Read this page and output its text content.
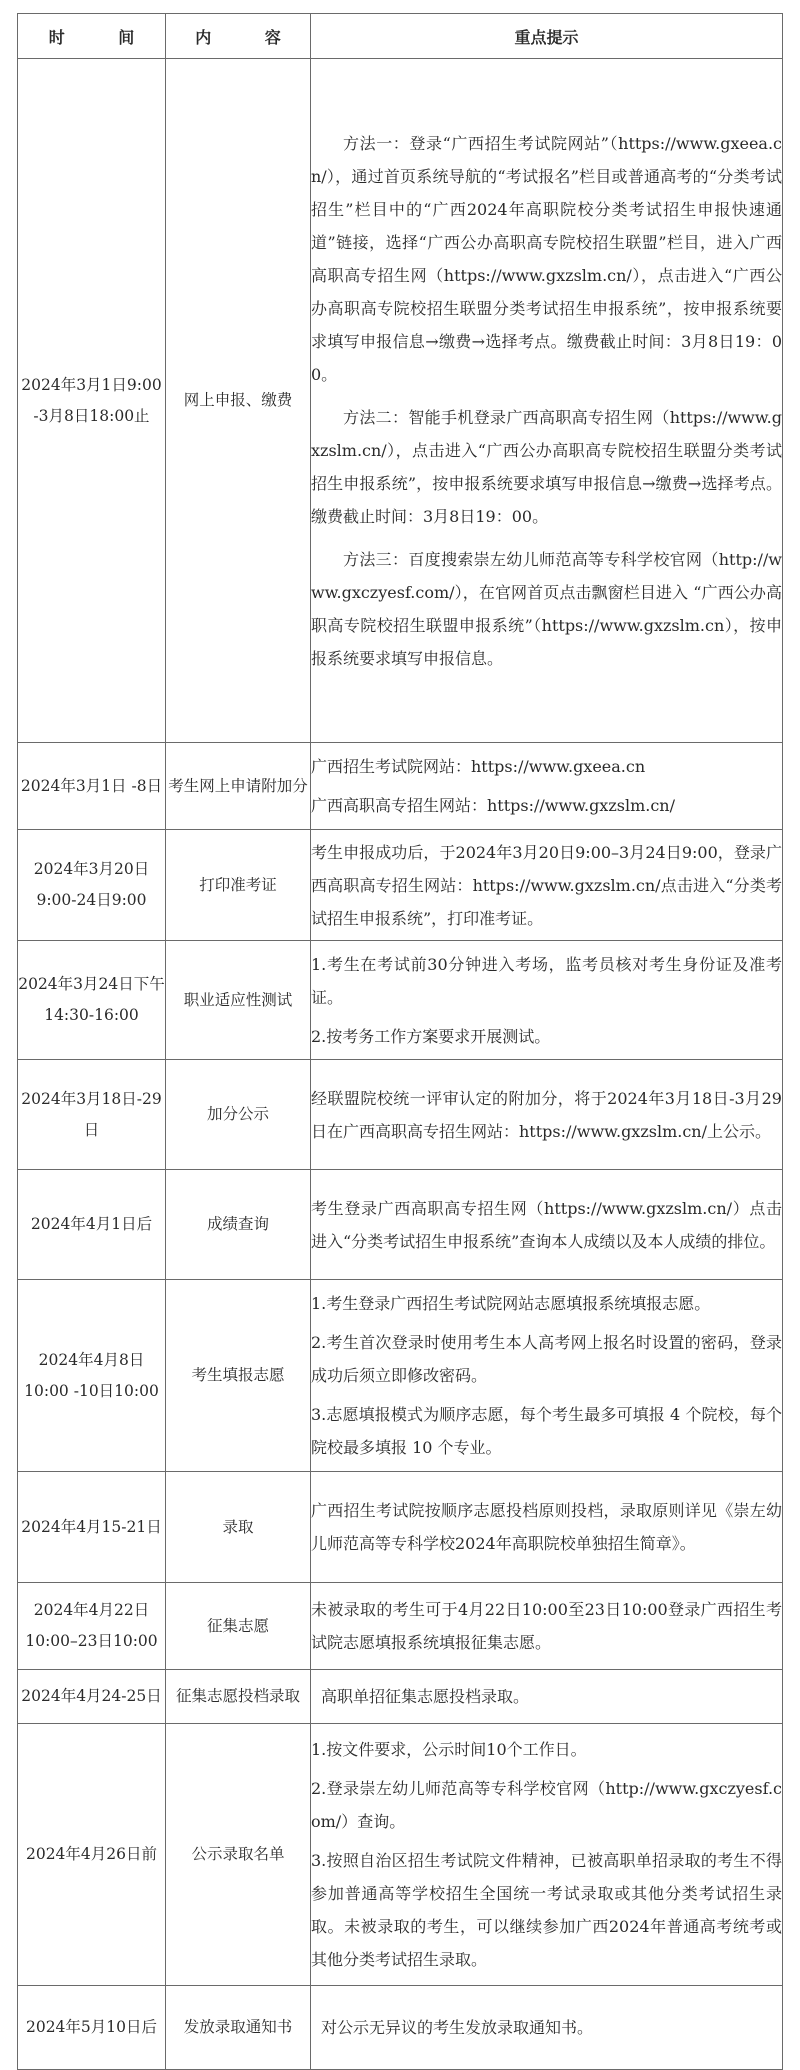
时 间	内 容	重点提示
2024年3月1日9:00 -3月8日18:00止	网上申报、缴费	方法一：登录“广西招生考试院网站”（https://www.gxeea.cn/），通过首页系统导航的“考试报名”栏目或普通高考的“分类考试招生”栏目中的“广西2024年高职院校分类考试招生申报快速通道”链接，选择“广西公办高职高专院校招生联盟”栏目，进入广西高职高专招生网（https://www.gxzslm.cn/），点击进入“广西公办高职高专院校招生联盟分类考试招生申报系统”，按申报系统要求填写申报信息→缴费→选择考点。缴费截止时间：3月8日19：00。

方法二：智能手机登录广西高职高专招生网（https://www.gxzslm.cn/），点击进入“广西公办高职高专院校招生联盟分类考试招生申报系统”，按申报系统要求填写申报信息→缴费→选择考点。缴费截止时间：3月8日19：00。

方法三：百度搜索崇左幼儿师范高等专科学校官网（http://www.gxczyesf.com/），在官网首页点击飘窗栏目进入 “广西公办高职高专院校招生联盟申报系统”（https://www.gxzslm.cn），按申报系统要求填写申报信息。

2024年3月1日 -8日	考生网上申请附加分	广西招生考试院网站：https://www.gxeea.cn

广西高职高专招生网站：https://www.gxzslm.cn/

2024年3月20日 9:00-24日9:00	打印准考证	考生申报成功后，于2024年3月20日9:00–3月24日9:00，登录广西高职高专招生网站：https://www.gxzslm.cn/点击进入“分类考试招生申报系统”，打印准考证。

2024年3月24日下午14:30-16:00	职业适应性测试	1.考生在考试前30分钟进入考场，监考员核对考生身份证及准考证。

2.按考务工作方案要求开展测试。

2024年3月18日-29日	加分公示	经联盟院校统一评审认定的附加分，将于2024年3月18日-3月29日在广西高职高专招生网站：https://www.gxzslm.cn/上公示。

2024年4月1日后	成绩查询	考生登录广西高职高专招生网（https://www.gxzslm.cn/）点击进入“分类考试招生申报系统”查询本人成绩以及本人成绩的排位。

2024年4月8日10:00 -10日10:00	考生填报志愿	1.考生登录广西招生考试院网站志愿填报系统填报志愿。

2.考生首次登录时使用考生本人高考网上报名时设置的密码，登录成功后须立即修改密码。

3.志愿填报模式为顺序志愿，每个考生最多可填报 4 个院校，每个院校最多填报 10 个专业。

2024年4月15-21日	录取	广西招生考试院按顺序志愿投档原则投档，录取原则详见《崇左幼儿师范高等专科学校2024年高职院校单独招生简章》。

2024年4月22日 10:00–23日10:00	征集志愿	未被录取的考生可于4月22日10:00至23日10:00登录广西招生考试院志愿填报系统填报征集志愿。

2024年4月24-25日	征集志愿投档录取	高职单招征集志愿投档录取。

2024年4月26日前	公示录取名单	1.按文件要求，公示时间10个工作日。

2.登录崇左幼儿师范高等专科学校官网（http://www.gxczyesf.com/）查询。

3.按照自治区招生考试院文件精神，已被高职单招录取的考生不得参加普通高等学校招生全国统一考试录取或其他分类考试招生录取。未被录取的考生，可以继续参加广西2024年普通高考统考或其他分类考试招生录取。

2024年5月10日后	发放录取通知书	对公示无异议的考生发放录取通知书。
